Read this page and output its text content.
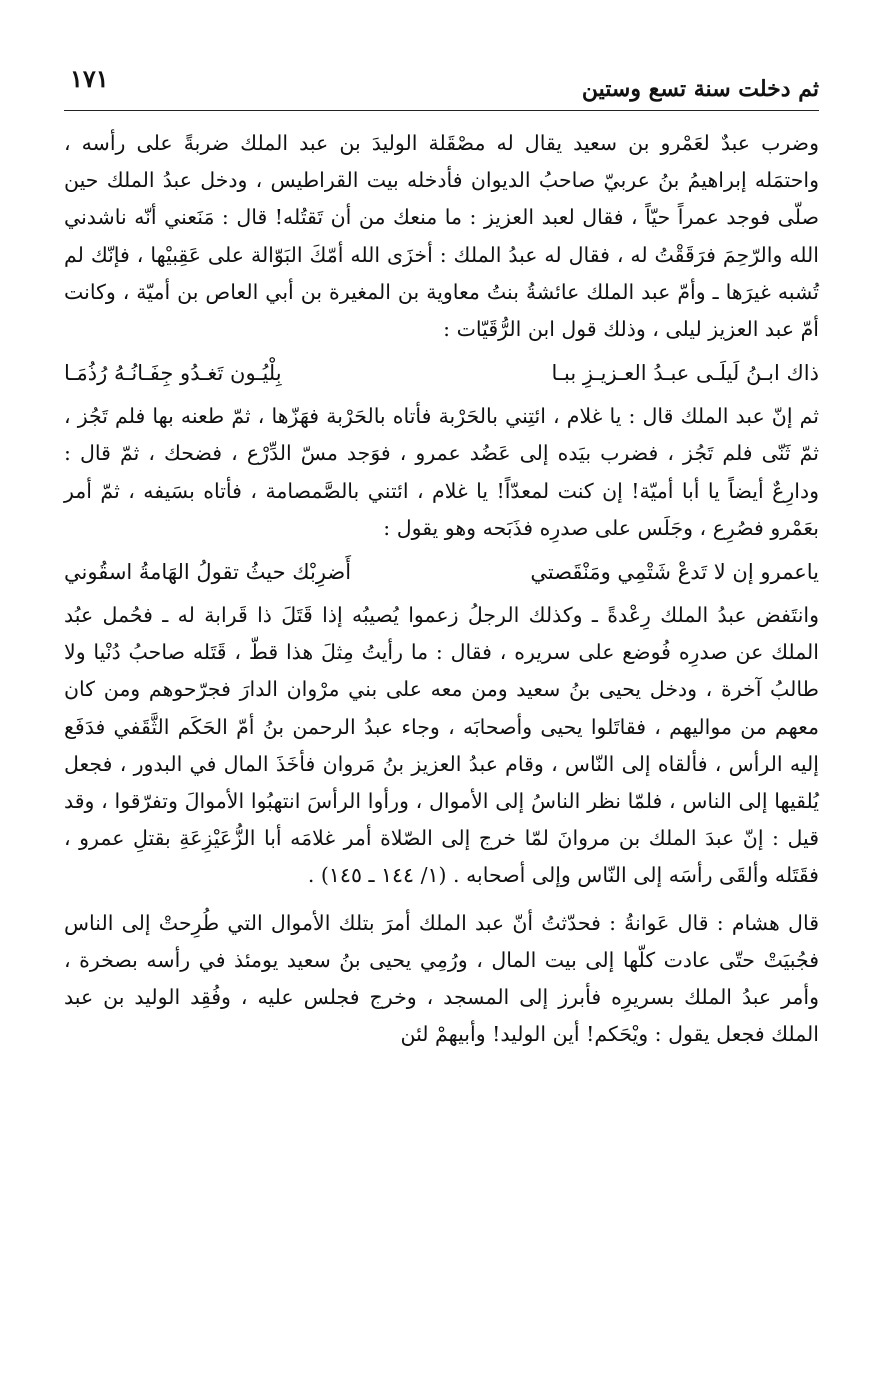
ثم دخلت سنة تسع وستين
١٧١

وضرب عبدٌ لعَمْرو بن سعيد يقال له مصْقَلة الوليدَ بن عبد الملك ضربةً على رأسه ، واحتمَله إبراهيمُ بنُ عربيّ صاحبُ الديوان فأدخله بيت القراطيس ، ودخل عبدُ الملك حين صلّى فوجد عمراً حيّاً ، فقال لعبد العزيز : ما منعك من أن تَقتُله! قال : مَنَعني أنّه ناشدني الله والرّحِمَ فرَقَقْتُ له ، فقال له عبدُ الملك : أخزَى الله أمّكَ البَوّالة على عَقِبيْها ، فإنّك لم تُشبه غيرَها ـ وأمّ عبد الملك عائشةُ بنتُ معاوية بن المغيرة بن أبي العاص بن أميّة ، وكانت أمّ عبد العزيز ليلى ، وذلك قول ابن الرُّقَيّات :

ذاك ابـنُ لَيلَـى عبـدُ العـزيـزِ ببـا
بِلْيُـون تَغـدُو جِفَـانُـهُ رُذُمَـا

ثم إنّ عبد الملك قال : يا غلام ، ائتِني بالحَرْبة فأتاه بالحَرْبة فهَزّها ، ثمّ طعنه بها فلم تَجُز ، ثمّ ثَنّى فلم تَجُز ، فضرب بيَده إلى عَضُد عمرو ، فوَجد مسّ الدِّرْع ، فضحك ، ثمّ قال : ودارِعٌ أيضاً يا أبا أميّة! إن كنت لمعدّاً! يا غلام ، ائتني بالصَّمصامة ، فأتاه بسَيفه ، ثمّ أمر بعَمْرو فصُرِع ، وجَلَس على صدرِه فذَبَحه وهو يقول :

ياعمرو إن لا تَدعْ شَتْمِي ومَنْقَصتي
أَضرِبْك حيثُ تقولُ الهَامةُ اسقُوني

وانتَفض عبدُ الملك رِعْدةً ـ وكذلك الرجلُ زعموا يُصيبُه إذا قَتَلَ ذا قَرابة له ـ فحُمل عبُد الملك عن صدرِه فُوضع على سريره ، فقال : ما رأيتُ مِثلَ هذا قطّ ، قَتَله صاحبُ دُنْيا ولا طالبُ آخرة ، ودخل يحيى بنُ سعيد ومن معه على بني مرْوان الدارَ فجرّحوهم ومن كان معهم من مواليهم ، فقاتَلوا يحيى وأصحابَه ، وجاء عبدُ الرحمن بنُ أمّ الحَكَم الثَّقَفي فدَفَع إليه الرأس ، فألقاه إلى النّاس ، وقام عبدُ العزيز بنُ مَروان فأخَذَ المال في البدور ، فجعل يُلقيها إلى الناس ، فلمّا نظر الناسُ إلى الأموال ، ورأوا الرأسَ انتهبُوا الأموالَ وتفرّقوا ، وقد قيل : إنّ عبدَ الملك بن مروانَ لمّا خرج إلى الصّلاة أمر غلامَه أبا الزُّعَيْزِعَةِ بقتلِ عمرو ، فقَتَله وألقَى رأسَه إلى النّاس وإلى أصحابه . (١/ ١٤٤ ـ ١٤٥) .

قال هشام : قال عَوانةُ : فحدّثتُ أنّ عبد الملك أمرَ بتلك الأموال التي طُرِحتْ إلى الناس فجُبيَتْ حتّى عادت كلّها إلى بيت المال ، ورُمِي يحيى بنُ سعيد يومئذ في رأسه بصخرة ، وأمر عبدُ الملك بسريرِه فأبرز إلى المسجد ، وخرج فجلس عليه ، وفُقِد الوليد بن عبد الملك فجعل يقول : ويْحَكم! أين الوليد! وأبيهمْ لئن
